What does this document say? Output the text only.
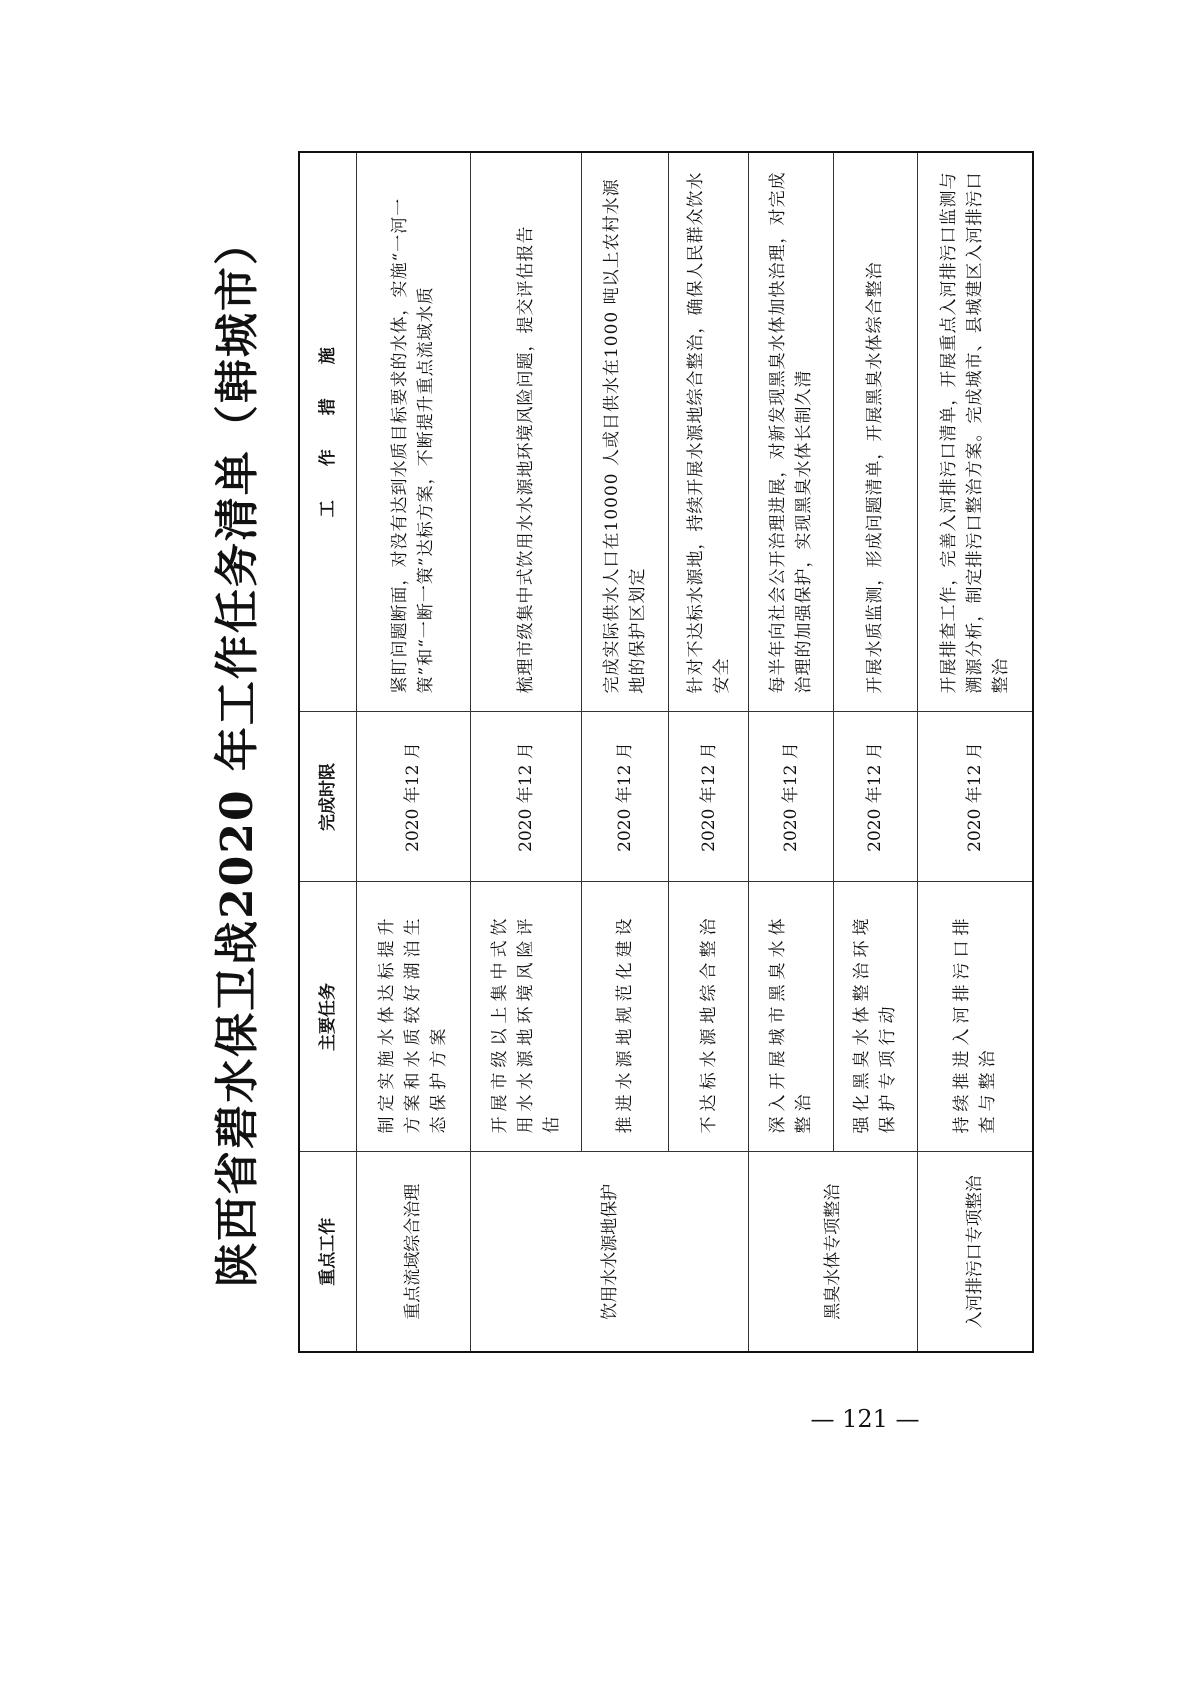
陕西省碧水保卫战2020 年工作任务清单（韩城市）	重点工作	主要任务	完成时限	工　　作　　措　　施
重点流域综合治理	制定实施水体达标提升方案和水质较好湖泊生态保护方案	2020 年12 月	紧盯问题断面，对没有达到水质目标要求的水体，实施“一河一策”和“一断一策”达标方案，不断提升重点流域水质
饮用水水源地保护	开展市级以上集中式饮用水水源地环境风险评估	2020 年12 月	梳理市级集中式饮用水水源地环境风险问题，提交评估报告
	推进水源地规范化建设	2020 年12 月	完成实际供水人口在10000 人或日供水在1000 吨以上农村水源地的保护区划定
	不达标水源地综合整治	2020 年12 月	针对不达标水源地，持续开展水源地综合整治，确保人民群众饮水安全
黑臭水体专项整治	深入开展城市黑臭水体整治	2020 年12 月	每半年向社会公开治理进展，对新发现黑臭水体加快治理，对完成治理的加强保护，实现黑臭水体长制久清
	强化黑臭水体整治环境保护专项行动	2020 年12 月	开展水质监测，形成问题清单，开展黑臭水体综合整治
入河排污口专项整治	持续推进入河排污口排查与整治	2020 年12 月	开展排查工作，完善入河排污口清单，开展重点入河排污口监测与溯源分析，制定排污口整治方案。完成城市、县城建区入河排污口整治
— 121 —
